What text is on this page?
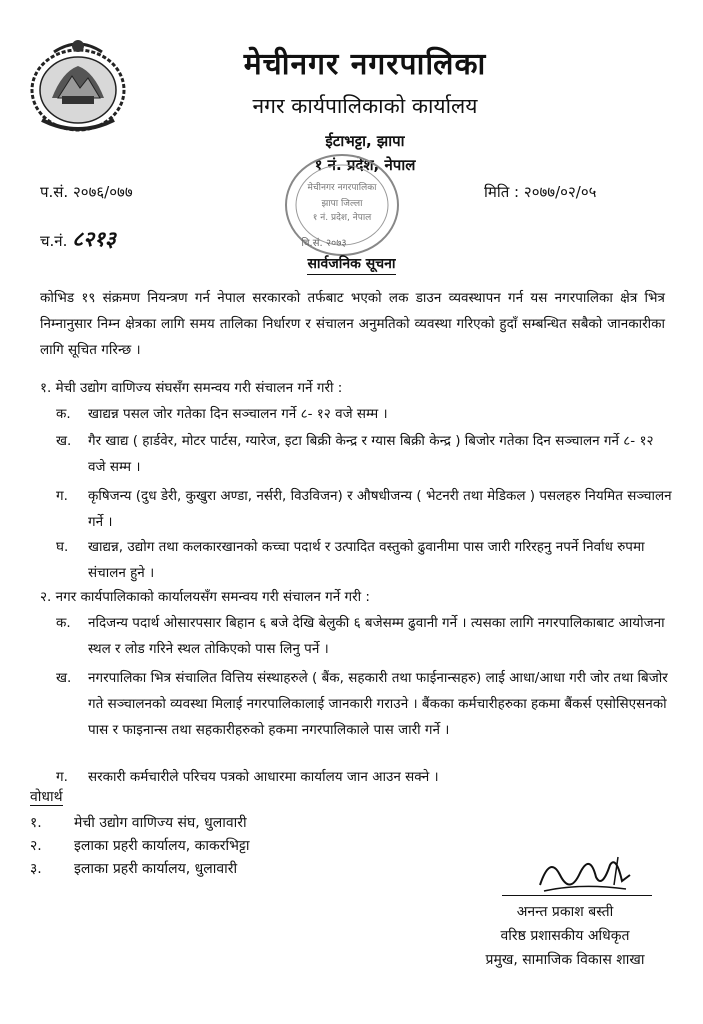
मेचीनगर नगरपालिका
नगर कार्यपालिकाको कार्यालय
ईटाभट्टा, झापा
१ नं. प्रदेश, नेपाल
मेचीनगर नगरपालिका
झापा जिल्ला
१ नं. प्रदेश, नेपाल
वि.सं. २०७३
प.सं. २०७६/०७७	मिति : २०७७/०२/०५
च.नं. ८२१३
सार्वजनिक सूचना
कोभिड १९ संक्रमण नियन्त्रण गर्न नेपाल सरकारको तर्फबाट भएको लक डाउन व्यवस्थापन गर्न यस नगरपालिका क्षेत्र भित्र निम्नानुसार निम्न क्षेत्रका लागि समय तालिका निर्धारण र संचालन अनुमतिको व्यवस्था गरिएको हुदाँ सम्बन्धित सबैको जानकारीका लागि सूचित गरिन्छ ।
१. मेची उद्योग वाणिज्य संघसँग समन्वय गरी संचालन गर्ने गरी :
क. खाद्यन्न पसल जोर गतेका दिन सञ्चालन गर्ने ८- १२ वजे सम्म ।
ख. गैर खाद्य ( हार्डवेर, मोटर पार्टस, ग्यारेज, इटा बिक्री केन्द्र र ग्यास बिक्री केन्द्र ) बिजोर गतेका दिन सञ्चालन गर्ने ८- १२ वजे सम्म ।
ग. कृषिजन्य (दुध डेरी, कुखुरा अण्डा, नर्सरी, विउविजन) र औषधीजन्य ( भेटनरी तथा मेडिकल ) पसलहरु नियमित सञ्चालन गर्ने ।
घ. खाद्यन्न, उद्योग तथा कलकारखानको कच्चा पदार्थ र उत्पादित वस्तुको ढुवानीमा पास जारी गरिरहनु नपर्ने निर्वाध रुपमा संचालन हुने ।
२. नगर कार्यपालिकाको कार्यालयसँग समन्वय गरी संचालन गर्ने गरी :
क. नदिजन्य पदार्थ ओसारपसार बिहान ६ बजे देखि बेलुकी ६ बजेसम्म ढुवानी गर्ने । त्यसका लागि नगरपालिकाबाट आयोजना स्थल र लोड गरिने स्थल तोकिएको पास लिनु पर्ने ।
ख. नगरपालिका भित्र संचालित वित्तिय संस्थाहरुले ( बैंक, सहकारी तथा फाईनान्सहरु) लाई आधा/आधा गरी जोर तथा बिजोर गते सञ्चालनको व्यवस्था मिलाई नगरपालिकालाई जानकारी गराउने । बैंकका कर्मचारीहरुका हकमा बैंकर्स एसोसिएसनको पास र फाइनान्स तथा सहकारीहरुको हकमा नगरपालिकाले पास जारी गर्ने ।
ग. सरकारी कर्मचारीले परिचय पत्रको आधारमा कार्यालय जान आउन सक्ने ।
वोधार्थ
१. मेची उद्योग वाणिज्य संघ, धुलावारी
२. इलाका प्रहरी कार्यालय, काकरभिट्टा
३. इलाका प्रहरी कार्यालय, धुलावारी
अनन्त प्रकाश बस्ती
वरिष्ठ प्रशासकीय अधिकृत
प्रमुख, सामाजिक विकास शाखा
